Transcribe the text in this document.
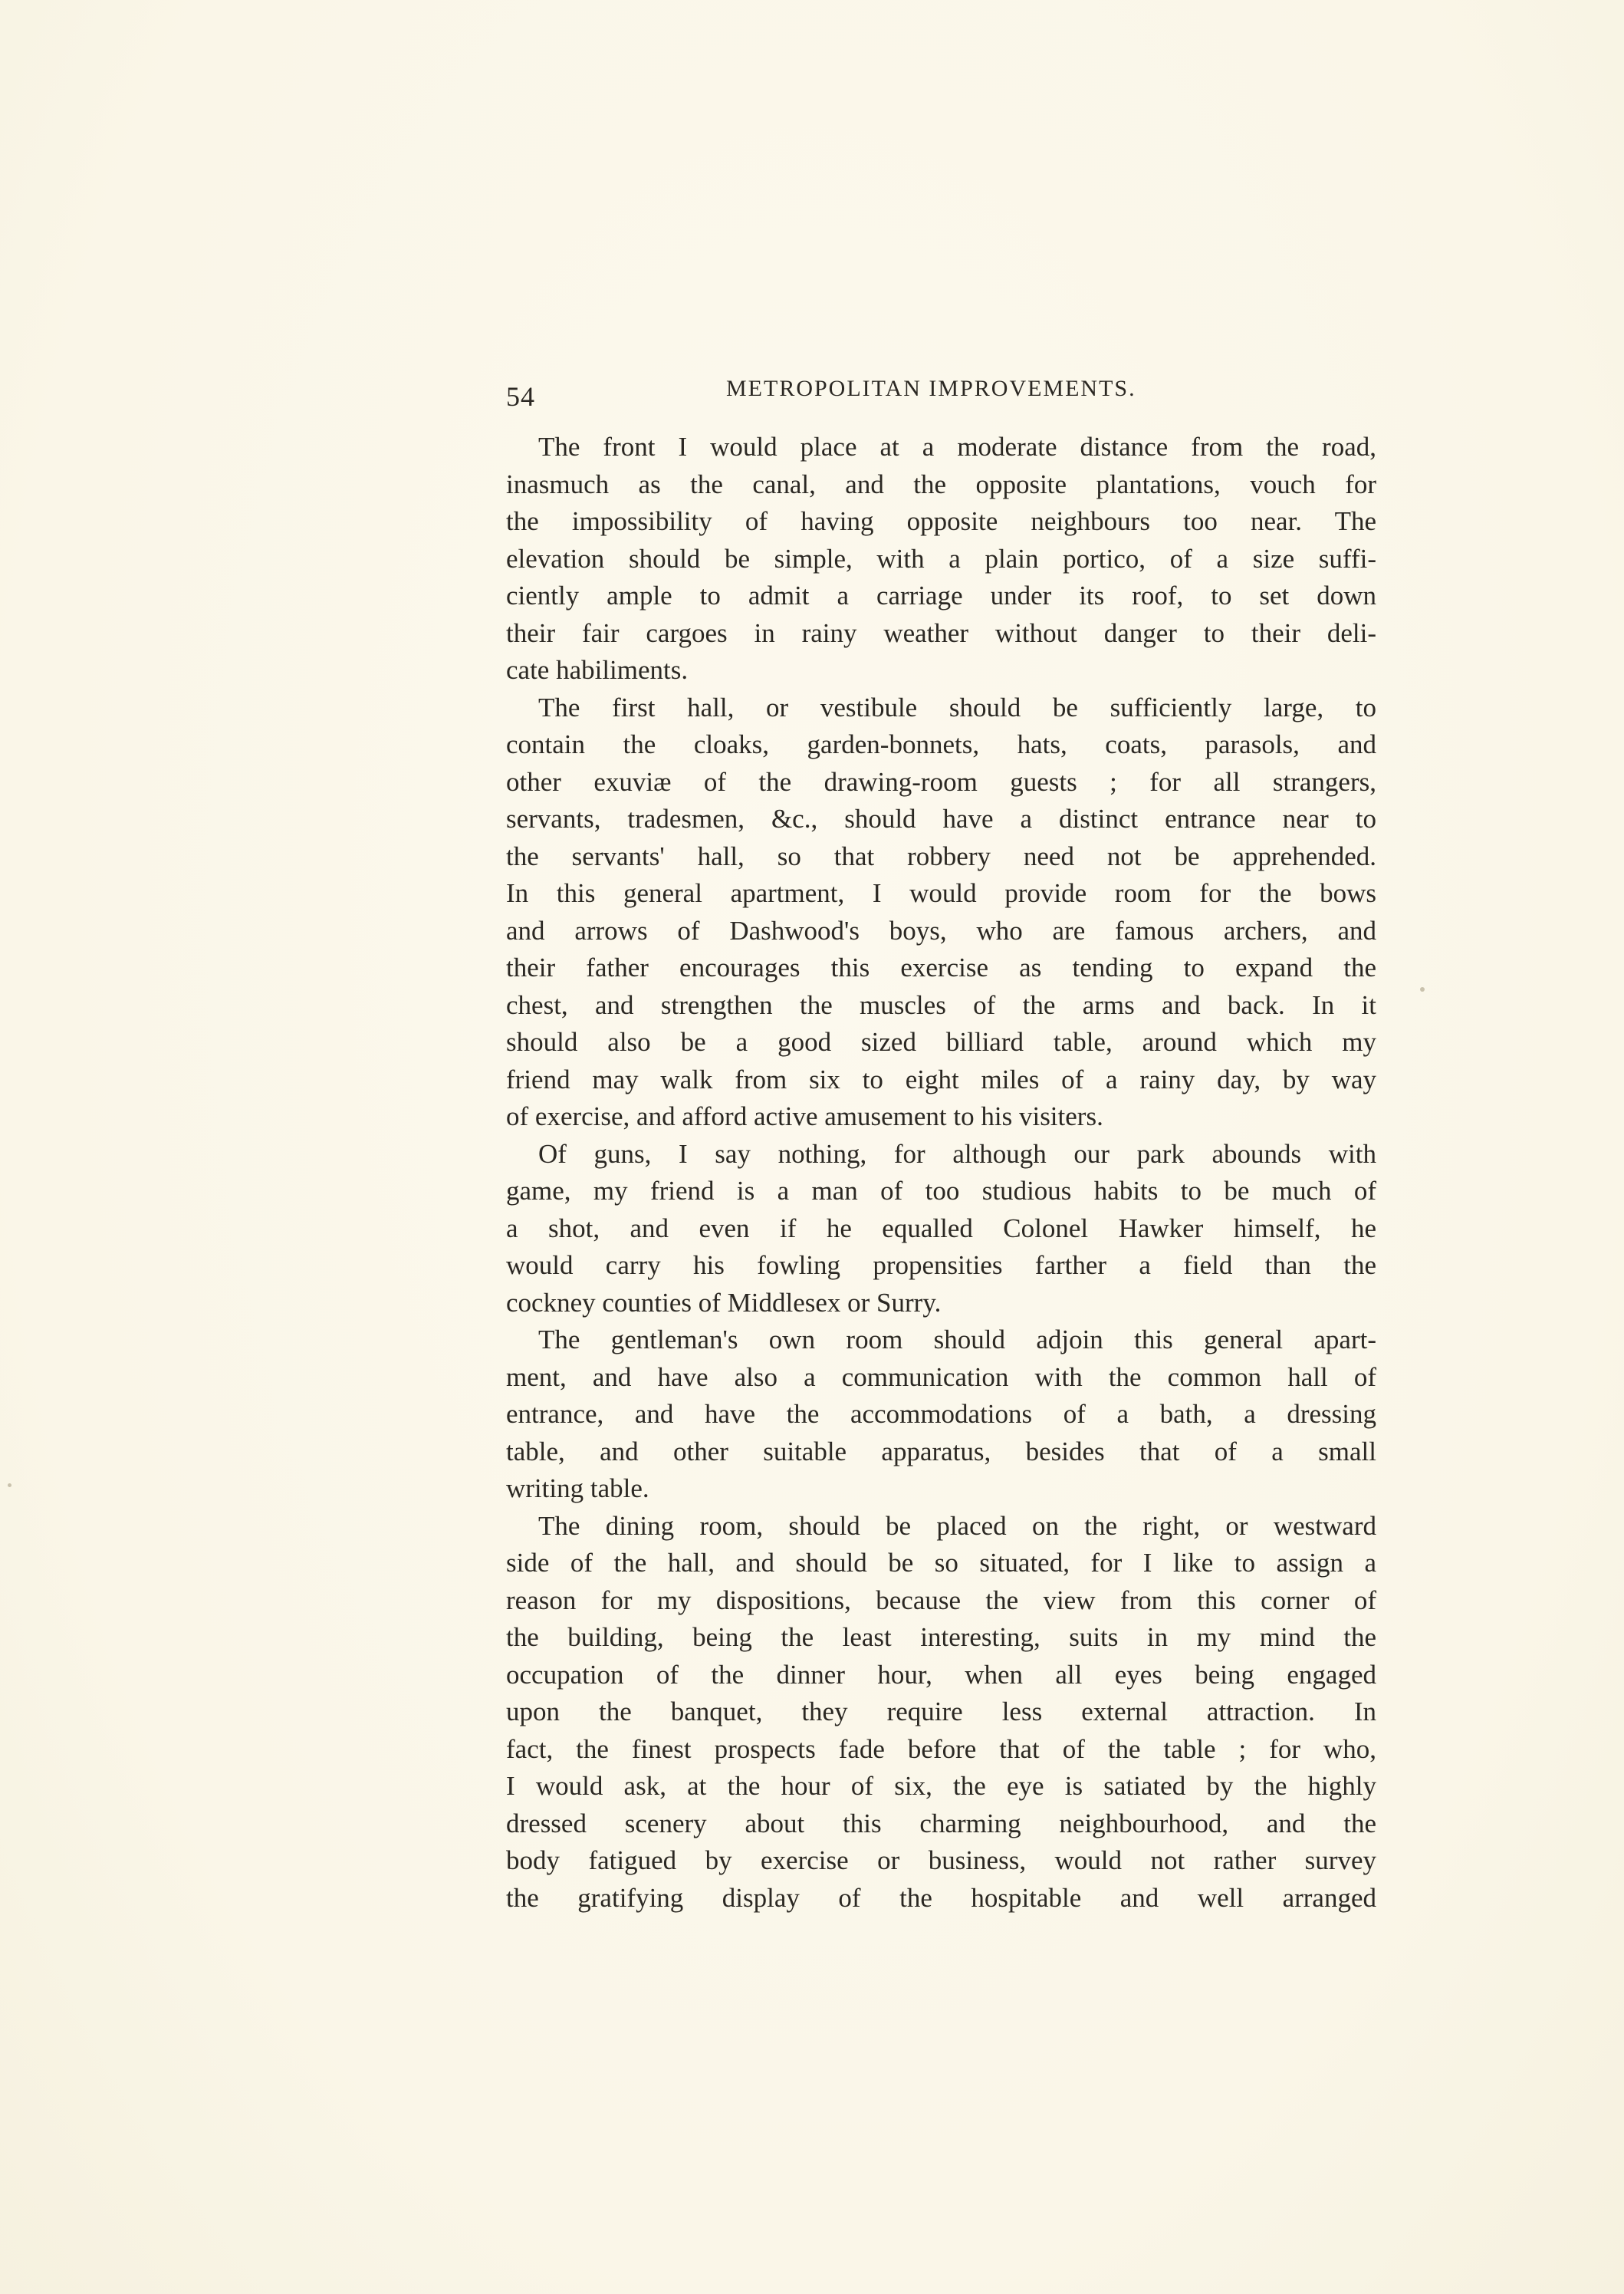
54	METROPOLITAN IMPROVEMENTS.
The front I would place at a moderate distance from the road,
inasmuch as the canal, and the opposite plantations, vouch for
the impossibility of having opposite neighbours too near. The
elevation should be simple, with a plain portico, of a size suffi-
ciently ample to admit a carriage under its roof, to set down
their fair cargoes in rainy weather without danger to their deli-
cate habiliments.
The first hall, or vestibule should be sufficiently large, to
contain the cloaks, garden-bonnets, hats, coats, parasols, and
other exuviæ of the drawing-room guests ; for all strangers,
servants, tradesmen, &c., should have a distinct entrance near to
the servants' hall, so that robbery need not be apprehended.
In this general apartment, I would provide room for the bows
and arrows of Dashwood's boys, who are famous archers, and
their father encourages this exercise as tending to expand the
chest, and strengthen the muscles of the arms and back. In it
should also be a good sized billiard table, around which my
friend may walk from six to eight miles of a rainy day, by way
of exercise, and afford active amusement to his visiters.
Of guns, I say nothing, for although our park abounds with
game, my friend is a man of too studious habits to be much of
a shot, and even if he equalled Colonel Hawker himself, he
would carry his fowling propensities farther a field than the
cockney counties of Middlesex or Surry.
The gentleman's own room should adjoin this general apart-
ment, and have also a communication with the common hall of
entrance, and have the accommodations of a bath, a dressing
table, and other suitable apparatus, besides that of a small
writing table.
The dining room, should be placed on the right, or westward
side of the hall, and should be so situated, for I like to assign a
reason for my dispositions, because the view from this corner of
the building, being the least interesting, suits in my mind the
occupation of the dinner hour, when all eyes being engaged
upon the banquet, they require less external attraction. In
fact, the finest prospects fade before that of the table ; for who,
I would ask, at the hour of six, the eye is satiated by the highly
dressed scenery about this charming neighbourhood, and the
body fatigued by exercise or business, would not rather survey
the gratifying display of the hospitable and well arranged
